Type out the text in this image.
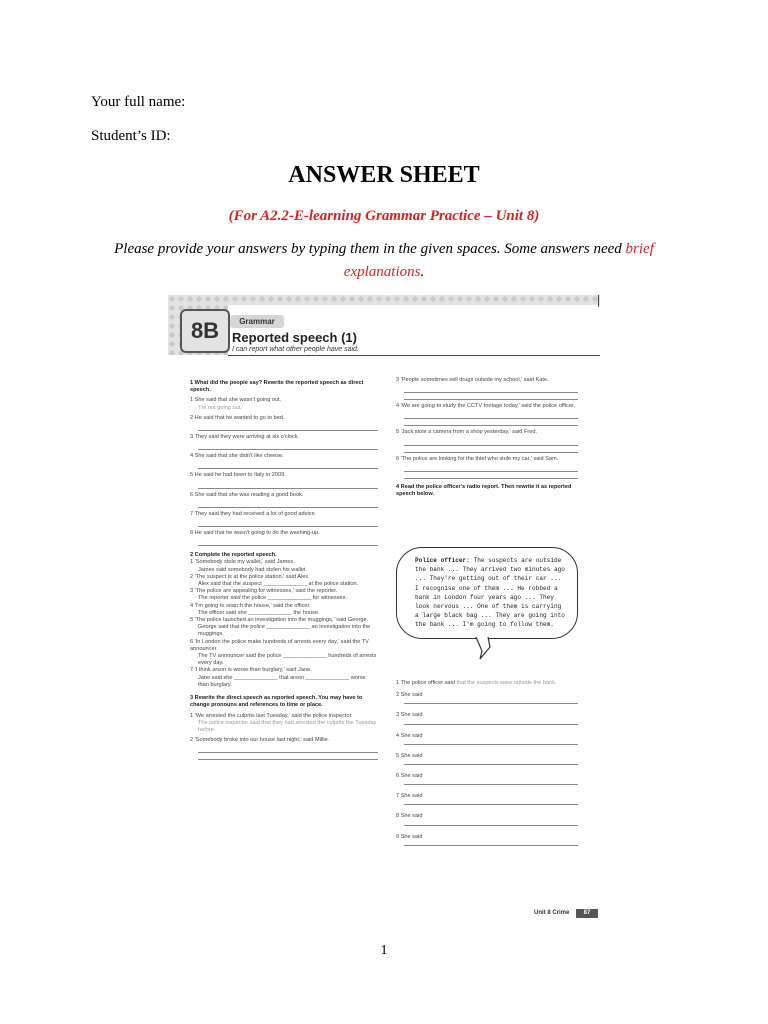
Your full name:
Student’s ID:
ANSWER SHEET
(For A2.2-E-learning Grammar Practice – Unit 8)
Please provide your answers by typing them in the given spaces. Some answers need brief explanations.
8B	Grammar
Reported speech (1)
I can report what other people have said.
1 What did the people say? Rewrite the reported speech as direct speech.
1 She said that she wasn't going out.
'I'm not going out.'
2 He said that he wanted to go to bed.
3 They said they were arriving at six o'clock.
4 She said that she didn't like cheese.
5 He said he had been to Italy in 2009.
6 She said that she was reading a good book.
7 They said they had received a lot of good advice.
8 He said that he wasn't going to do the washing-up.
2 Complete the reported speech.
1 'Somebody stole my wallet,' said James.
James said somebody had stolen his wallet.
2 'The suspect is at the police station,' said Alex.
Alex said that the suspect ______________ at the police station.
3 'The police are appealing for witnesses,' said the reporter.
The reporter said the police ______________ for witnesses.
4 'I'm going to search the house,' said the officer.
The officer said she ______________ the house.
5 'The police launched an investigation into the muggings,' said George.
George said that the police ______________ an investigation into the muggings.
6 'In London the police make hundreds of arrests every day,' said the TV announcer.
The TV announcer said the police ______________ hundreds of arrests every day.
7 'I think arson is worse than burglary,' said Jane.
Jane said she ______________ that arson ______________ worse than burglary.
3 Rewrite the direct speech as reported speech. You may have to change pronouns and references to time or place.
1 'We arrested the culprits last Tuesday,' said the police inspector.
The police inspector said that they had arrested the culprits the Tuesday before.
2 'Somebody broke into our house last night,' said Millie.
3 'People sometimes sell drugs outside my school,' said Kate.
4 'We are going to study the CCTV footage today,' said the police officer.
5 'Jack stole a camera from a shop yesterday,' said Fred.
6 'The police are looking for the thief who stole my car,' said Sam.
4 Read the police officer's radio report. Then rewrite it as reported speech below.
Police officer: The suspects are outside the bank ... They arrived two minutes ago ... They're getting out of their car ... I recognise one of them ... He robbed a bank in London four years ago ... They look nervous ... One of them is carrying a large black bag ... They are going into the bank ... I'm going to follow them.
1 The police officer said that the suspects were outside the bank.
2 She said
3 She said
4 She said
5 She said
6 She said
7 She said
8 She said
9 She said
Unit 8 Crime	87
1
